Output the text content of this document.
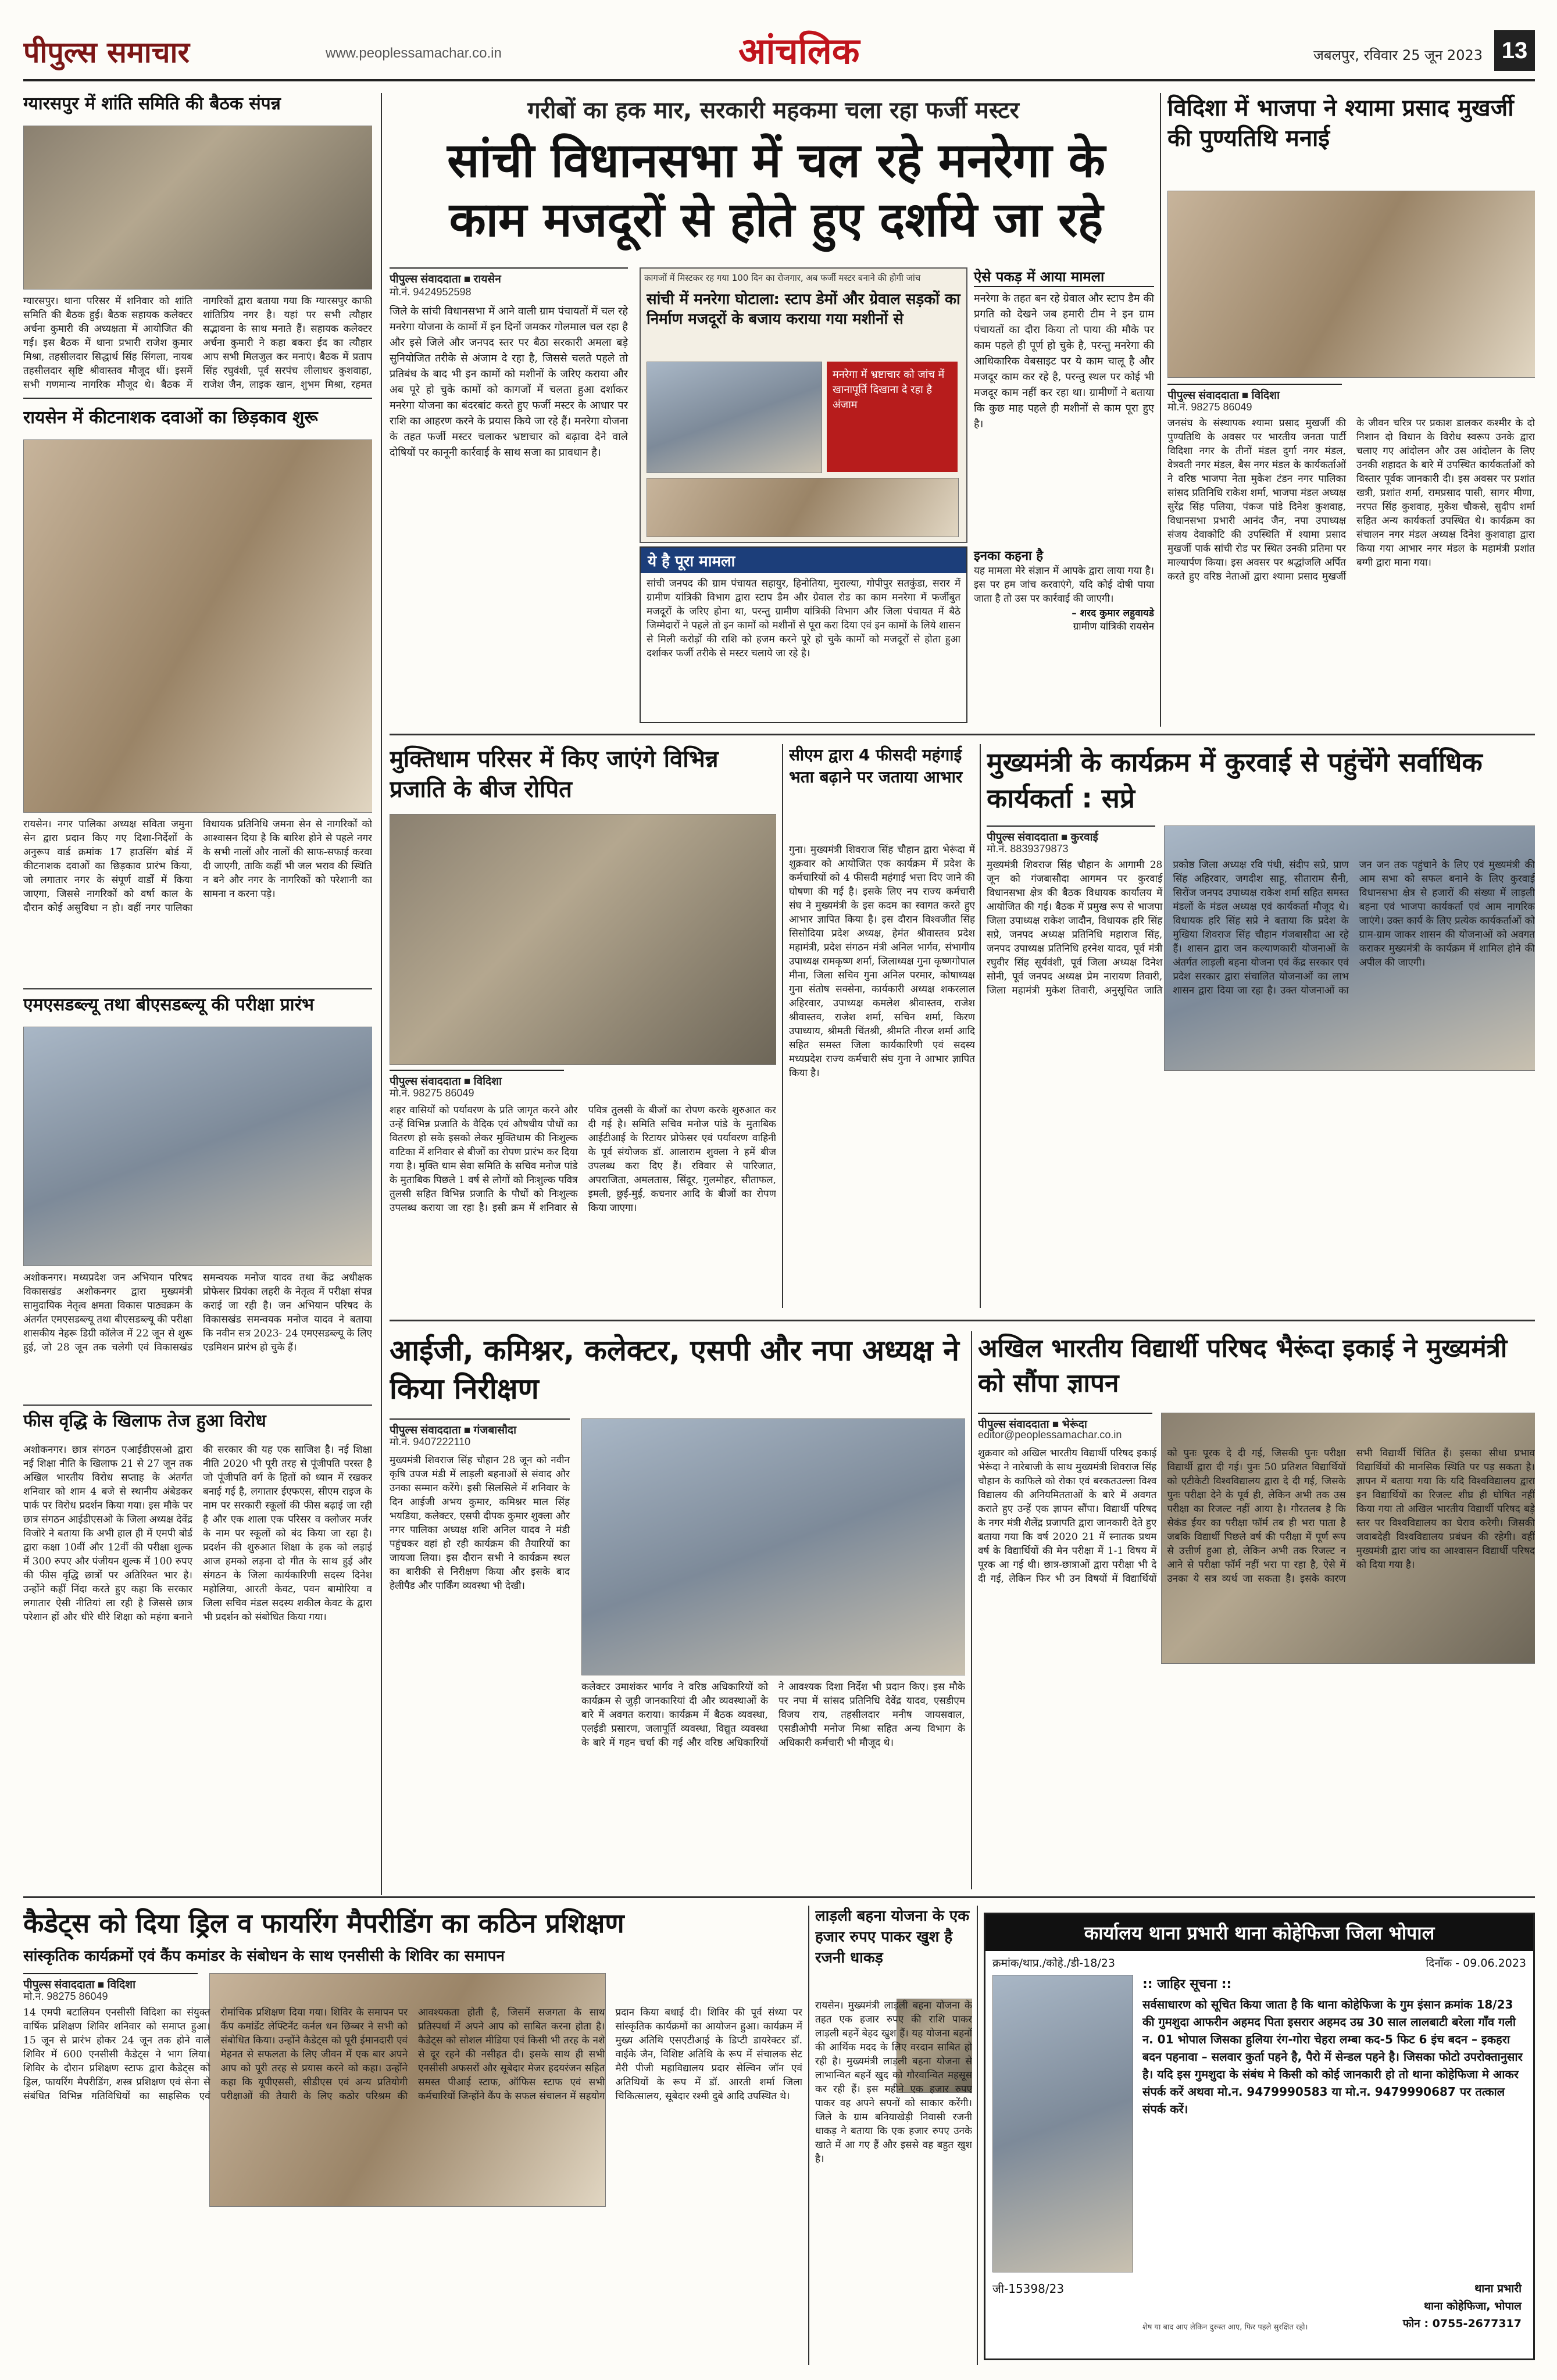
पीपुल्स समाचार	www.peoplessamachar.co.in	आंचलिक	जबलपुर, रविवार 25 जून 2023 13
ग्यारसपुर में शांति समिति की बैठक संपन्न
ग्यारसपुर। थाना परिसर में शनिवार को शांति समिति की बैठक हुई। बैठक सहायक कलेक्टर अर्चना कुमारी की अध्यक्षता में आयोजित की गई। इस बैठक में थाना प्रभारी राजेश कुमार मिश्रा, तहसीलदार सिद्धार्थ सिंह सिंगला, नायब तहसीलदार सृष्टि श्रीवास्तव मौजूद थीं। इसमें सभी गणमान्य नागरिक मौजूद थे। बैठक में नागरिकों द्वारा बताया गया कि ग्यारसपुर काफी शांतिप्रिय नगर है। यहां पर सभी त्यौहार सद्भावना के साथ मनाते हैं। सहायक कलेक्टर अर्चना कुमारी ने कहा बकरा ईद का त्यौहार आप सभी मिलजुल कर मनाएं। बैठक में प्रताप सिंह रघुवंशी, पूर्व सरपंच लीलाधर कुशवाहा, राजेश जैन, लाइक खान, शुभम मिश्रा, रहमत
रायसेन में कीटनाशक दवाओं का छिड़काव शुरू
रायसेन। नगर पालिका अध्यक्ष सविता जमुना सेन द्वारा प्रदान किए गए दिशा-निर्देशों के अनुरूप वार्ड क्रमांक 17 हाउसिंग बोर्ड में कीटनाशक दवाओं का छिड़काव प्रारंभ किया, जो लगातार नगर के संपूर्ण वार्डों में किया जाएगा, जिससे नागरिकों को वर्षा काल के दौरान कोई असुविधा न हो। वहीं नगर पालिका विधायक प्रतिनिधि जमना सेन से नागरिकों को आश्वासन दिया है कि बारिश होने से पहले नगर के सभी नालों और नालों की साफ-सफाई करवा दी जाएगी, ताकि कहीं भी जल भराव की स्थिति न बने और नगर के नागरिकों को परेशानी का सामना न करना पड़े।
एमएसडब्ल्यू तथा बीएसडब्ल्यू की परीक्षा प्रारंभ
अशोकनगर। मध्यप्रदेश जन अभियान परिषद विकासखंड अशोकनगर द्वारा मुख्यमंत्री सामुदायिक नेतृत्व क्षमता विकास पाठ्यक्रम के अंतर्गत एमएसडब्ल्यू तथा बीएसडब्ल्यू की परीक्षा शासकीय नेहरू डिग्री कॉलेज में 22 जून से शुरू हुई, जो 28 जून तक चलेगी एवं विकासखंड समन्वयक मनोज यादव तथा केंद्र अधीक्षक प्रोफेसर प्रियंका लहरी के नेतृत्व में परीक्षा संपन्न कराई जा रही है। जन अभियान परिषद के विकासखंड समन्वयक मनोज यादव ने बताया कि नवीन सत्र 2023- 24 एमएसडब्ल्यू के लिए एडमिशन प्रारंभ हो चुके हैं।
फीस वृद्धि के खिलाफ तेज हुआ विरोध
अशोकनगर। छात्र संगठन एआईडीएसओ द्वारा नई शिक्षा नीति के खिलाफ 21 से 27 जून तक अखिल भारतीय विरोध सप्ताह के अंतर्गत शनिवार को शाम 4 बजे से स्थानीय अंबेडकर पार्क पर विरोध प्रदर्शन किया गया। इस मौके पर छात्र संगठन आईडीएसओ के जिला अध्यक्ष देवेंद्र विजोरे ने बताया कि अभी हाल ही में एमपी बोर्ड द्वारा कक्षा 10वीं और 12वीं की परीक्षा शुल्क में 300 रुपए और पंजीयन शुल्क में 100 रुपए की फीस वृद्धि छात्रों पर अतिरिक्त भार है। उन्होंने कहीं निंदा करते हुए कहा कि सरकार लगातार ऐसी नीतियां ला रही है जिससे छात्र परेशान हों और धीरे धीरे शिक्षा को महंगा बनाने की सरकार की यह एक साजिश है। नई शिक्षा नीति 2020 भी पूरी तरह से पूंजीपति परस्त है जो पूंजीपति वर्ग के हितों को ध्यान में रखकर बनाई गई है, लगातार ईएफएस, सीएम राइज के नाम पर सरकारी स्कूलों की फीस बढ़ाई जा रही है और एक शाला एक परिसर व क्लोजर मर्जर के नाम पर स्कूलों को बंद किया जा रहा है। प्रदर्शन की शुरुआत शिक्षा के हक को लड़ाई आज हमको लड़ना दो गीत के साथ हुई और संगठन के जिला कार्यकारिणी सदस्य दिनेश महोलिया, आरती केवट, पवन बामोरिया व जिला सचिव मंडल सदस्य शकील केवट के द्वारा भी प्रदर्शन को संबोधित किया गया।
गरीबों का हक मार, सरकारी महकमा चला रहा फर्जी मस्टर
सांची विधानसभा में चल रहे मनरेगा के काम मजदूरों से होते हुए दर्शाये जा रहे
पीपुल्स संवाददाता ■ रायसेन
मो.नं. 9424952598
जिले के सांची विधानसभा में आने वाली ग्राम पंचायतों में चल रहे मनरेगा योजना के कामों में इन दिनों जमकर गोलमाल चल रहा है और इसे जिले और जनपद स्तर पर बैठा सरकारी अमला बड़े सुनियोजित तरीके से अंजाम दे रहा है, जिससे चलते पहले तो प्रतिबंध के बाद भी इन कामों को मशीनों के जरिए कराया और अब पूरे हो चुके कामों को कागजों में चलता हुआ दर्शाकर मनरेगा योजना का बंदरबांट करते हुए फर्जी मस्टर के आधार पर राशि का आहरण करने के प्रयास किये जा रहे हैं। मनरेगा योजना के तहत फर्जी मस्टर चलाकर भ्रष्टाचार को बढ़ावा देने वाले दोषियों पर कानूनी कार्रवाई के साथ सजा का प्रावधान है।
कागजों में मिस्टकर रह गया 100 दिन का रोजगार, अब फर्जी मस्टर बनाने की होगी जांच
सांची में मनरेगा घोटाला: स्टाप डेमों और ग्रेवाल सड़कों का निर्माण मजदूरों के बजाय कराया गया मशीनों से
मनरेगा में भ्रष्टाचार को जांच में खानापूर्ति दिखाना दे रहा है अंजाम
ऐसे पकड़ में आया मामला
मनरेगा के तहत बन रहे ग्रेवाल और स्टाप डैम की प्रगति को देखने जब हमारी टीम ने इन ग्राम पंचायतों का दौरा किया तो पाया की मौके पर काम पहले ही पूर्ण हो चुके है, परन्तु मनरेगा की आधिकारिक वेबसाइट पर ये काम चालू है और मजदूर काम कर रहे है, परन्तु स्थल पर कोई भी मजदूर काम नहीं कर रहा था। ग्रामीणों ने बताया कि कुछ माह पहले ही मशीनों से काम पूरा हुए है।
इनका कहना है
यह मामला मेरे संज्ञान में आपके द्वारा लाया गया है। इस पर हम जांच करवाएंगे, यदि कोई दोषी पाया जाता है तो उस पर कार्रवाई की जाएगी।
– शरद कुमार लहुवायडे
ग्रामीण यांत्रिकी रायसेन
ये है पूरा मामला
सांची जनपद की ग्राम पंचायत सहायुर, हिनोतिया, मुराल्या, गोपीपुर सतकुंडा, सरार में ग्रामीण यांत्रिकी विभाग द्वारा स्टाप डैम और ग्रेवाल रोड का काम मनरेगा में फर्जीबुत मजदूरों के जरिए होना था, परन्तु ग्रामीण यांत्रिकी विभाग और जिला पंचायत में बैठे जिम्मेदारों ने पहले तो इन कामों को मशीनों से पूरा करा दिया एवं इन कामों के लिये शासन से मिली करोड़ों की राशि को हजम करने पूरे हो चुके कामों को मजदूरों से होता हुआ दर्शाकर फर्जी तरीके से मस्टर चलाये जा रहे है।
विदिशा में भाजपा ने श्यामा प्रसाद मुखर्जी की पुण्यतिथि मनाई
पीपुल्स संवाददाता ■ विदिशा
मो.नं. 98275 86049
जनसंघ के संस्थापक श्यामा प्रसाद मुखर्जी की पुण्यतिथि के अवसर पर भारतीय जनता पार्टी विदिशा नगर के तीनों मंडल दुर्गा नगर मंडल, वेत्रवती नगर मंडल, बैस नगर मंडल के कार्यकर्ताओं ने वरिष्ठ भाजपा नेता मुकेश टंडन नगर पालिका सांसद प्रतिनिधि राकेश शर्मा, भाजपा मंडल अध्यक्ष सुरेंद्र सिंह पलिया, पंकज पांडे दिनेश कुशवाह, विधानसभा प्रभारी आनंद जैन, नपा उपाध्यक्ष संजय देवाकोटि की उपस्थिति में श्यामा प्रसाद मुखर्जी पार्क सांची रोड पर स्थित उनकी प्रतिमा पर माल्यार्पण किया। इस अवसर पर श्रद्धांजलि अर्पित करते हुए वरिष्ठ नेताओं द्वारा श्यामा प्रसाद मुखर्जी के जीवन चरित्र पर प्रकाश डालकर कश्मीर के दो निशान दो विधान के विरोध स्वरूप उनके द्वारा चलाए गए आंदोलन और उस आंदोलन के लिए उनकी शहादत के बारे में उपस्थित कार्यकर्ताओं को विस्तार पूर्वक जानकारी दी। इस अवसर पर प्रशांत खत्री, प्रशांत शर्मा, रामप्रसाद पासी, सागर मीणा, नरपत सिंह कुशवाह, मुकेश चौकसे, सुदीप शर्मा सहित अन्य कार्यकर्ता उपस्थित थे। कार्यक्रम का संचालन नगर मंडल अध्यक्ष दिनेश कुशवाहा द्वारा किया गया आभार नगर मंडल के महामंत्री प्रशांत बग्गी द्वारा माना गया।
मुक्तिधाम परिसर में किए जाएंगे विभिन्न प्रजाति के बीज रोपित
पीपुल्स संवाददाता ■ विदिशा
मो.नं. 98275 86049
शहर वासियों को पर्यावरण के प्रति जागृत करने और उन्हें विभिन्न प्रजाति के वैदिक एवं औषधीय पौधों का वितरण हो सके इसको लेकर मुक्तिधाम की निःशुल्क वाटिका में शनिवार से बीजों का रोपण प्रारंभ कर दिया गया है। मुक्ति धाम सेवा समिति के सचिव मनोज पांडे के मुताबिक पिछले 1 वर्ष से लोगों को निःशुल्क पवित्र तुलसी सहित विभिन्न प्रजाति के पौधों को निःशुल्क उपलब्ध कराया जा रहा है। इसी क्रम में शनिवार से पवित्र तुलसी के बीजों का रोपण करके शुरुआत कर दी गई है। समिति सचिव मनोज पांडे के मुताबिक आईटीआई के रिटायर प्रोफेसर एवं पर्यावरण वाहिनी के पूर्व संयोजक डॉ. आलाराम शुक्ला ने हमें बीज उपलब्ध करा दिए हैं। रविवार से पारिजात, अपराजिता, अमलतास, सिंदूर, गुलमोहर, सीताफल, इमली, छुई-मुई, कचनार आदि के बीजों का रोपण किया जाएगा।
सीएम द्वारा 4 फीसदी महंगाई भता बढ़ाने पर जताया आभार
गुना। मुख्यमंत्री शिवराज सिंह चौहान द्वारा भेरूंदा में शुक्रवार को आयोजित एक कार्यक्रम में प्रदेश के कर्मचारियों को 4 फीसदी महंगाई भत्ता दिए जाने की घोषणा की गई है। इसके लिए नप राज्य कर्मचारी संघ ने मुख्यमंत्री के इस कदम का स्वागत करते हुए आभार ज्ञापित किया है। इस दौरान विश्वजीत सिंह सिसोदिया प्रदेश अध्यक्ष, हेमंत श्रीवास्तव प्रदेश महामंत्री, प्रदेश संगठन मंत्री अनिल भार्गव, संभागीय उपाध्यक्ष रामकृष्ण शर्मा, जिलाध्यक्ष गुना कृष्णगोपाल मीना, जिला सचिव गुना अनिल परमार, कोषाध्यक्ष गुना संतोष सक्सेना, कार्यकारी अध्यक्ष शकरलाल अहिरवार, उपाध्यक्ष कमलेश श्रीवास्तव, राजेश श्रीवास्तव, राजेश शर्मा, सचिन शर्मा, किरण उपाध्याय, श्रीमती चिंतश्री, श्रीमति नीरज शर्मा आदि सहित समस्त जिला कार्यकारिणी एवं सदस्य मध्यप्रदेश राज्य कर्मचारी संघ गुना ने आभार ज्ञापित किया है।
मुख्यमंत्री के कार्यक्रम में कुरवाई से पहुंचेंगे सर्वाधिक कार्यकर्ता : सप्रे
पीपुल्स संवाददाता ■ कुरवाई
मो.नं. 8839379873
मुख्यमंत्री शिवराज सिंह चौहान के आगामी 28 जून को गंजबासौदा आगमन पर कुरवाई विधानसभा क्षेत्र की बैठक विधायक कार्यालय में आयोजित की गई। बैठक में प्रमुख रूप से भाजपा जिला उपाध्यक्ष राकेश जादौन, विधायक हरि सिंह सप्रे, जनपद अध्यक्ष प्रतिनिधि महाराज सिंह, जनपद उपाध्यक्ष प्रतिनिधि हरनेश यादव, पूर्व मंत्री रघुवीर सिंह सूर्यवंशी, पूर्व जिला अध्यक्ष दिनेश सोनी, पूर्व जनपद अध्यक्ष प्रेम नारायण तिवारी, जिला महामंत्री मुकेश तिवारी, अनुसूचित जाति प्रकोष्ठ जिला अध्यक्ष रवि पंथी, संदीप सप्रे, प्राण सिंह अहिरवार, जगदीश साहू, सीताराम सैनी, सिरोंज जनपद उपाध्यक्ष राकेश शर्मा सहित समस्त मंडलों के मंडल अध्यक्ष एवं कार्यकर्ता मौजूद थे। विधायक हरि सिंह सप्रे ने बताया कि प्रदेश के मुखिया शिवराज सिंह चौहान गंजबासौदा आ रहे हैं। शासन द्वारा जन कल्याणकारी योजनाओं के अंतर्गत लाड़ली बहना योजना एवं केंद्र सरकार एवं प्रदेश सरकार द्वारा संचालित योजनाओं का लाभ शासन द्वारा दिया जा रहा है। उक्त योजनाओं का जन जन तक पहुंचाने के लिए एवं मुख्यमंत्री की आम सभा को सफल बनाने के लिए कुरवाई विधानसभा क्षेत्र से हजारों की संख्या में लाड़ली बहना एवं भाजपा कार्यकर्ता एवं आम नागरिक जाएंगे। उक्त कार्य के लिए प्रत्येक कार्यकर्ताओं को ग्राम-ग्राम जाकर शासन की योजनाओं को अवगत कराकर मुख्यमंत्री के कार्यक्रम में शामिल होने की अपील की जाएगी।
आईजी, कमिश्नर, कलेक्टर, एसपी और नपा अध्यक्ष ने किया निरीक्षण
पीपुल्स संवाददाता ■ गंजबासौदा
मो.नं. 9407222110
मुख्यमंत्री शिवराज सिंह चौहान 28 जून को नवीन कृषि उपज मंडी में लाड़ली बहनाओं से संवाद और उनका सम्मान करेंगे। इसी सिलसिले में शनिवार के दिन आईजी अभय कुमार, कमिश्नर माल सिंह भयडिया, कलेक्टर, एसपी दीपक कुमार शुक्ला और नगर पालिका अध्यक्ष शशि अनिल यादव ने मंडी पहुंचकर वहां हो रही कार्यक्रम की तैयारियों का जायजा लिया। इस दौरान सभी ने कार्यक्रम स्थल का बारीकी से निरीक्षण किया और इसके बाद हेलीपैड और पार्किंग व्यवस्था भी देखी।
कलेक्टर उमाशंकर भार्गव ने वरिष्ठ अधिकारियों को कार्यक्रम से जुड़ी जानकारियां दी और व्यवस्थाओं के बारे में अवगत कराया। कार्यक्रम में बैठक व्यवस्था, एलईडी प्रसारण, जलापूर्ति व्यवस्था, विद्युत व्यवस्था के बारे में गहन चर्चा की गई और वरिष्ठ अधिकारियों ने आवश्यक दिशा निर्देश भी प्रदान किए। इस मौके पर नपा में सांसद प्रतिनिधि देवेंद्र यादव, एसडीएम विजय राय, तहसीलदार मनीष जायसवाल, एसडीओपी मनोज मिश्रा सहित अन्य विभाग के अधिकारी कर्मचारी भी मौजूद थे।
अखिल भारतीय विद्यार्थी परिषद भैरूंदा इकाई ने मुख्यमंत्री को सौंपा ज्ञापन
पीपुल्स संवाददाता ■ भेरूंदा
editor@peoplessamachar.co.in
शुक्रवार को अखिल भारतीय विद्यार्थी परिषद इकाई भेरूंदा ने नारेबाजी के साथ मुख्यमंत्री शिवराज सिंह चौहान के काफिले को रोका एवं बरकतउल्ला विश्व विद्यालय की अनियमितताओं के बारे में अवगत कराते हुए उन्हें एक ज्ञापन सौंपा। विद्यार्थी परिषद के नगर मंत्री शैलेंद्र प्रजापति द्वारा जानकारी देते हुए बताया गया कि वर्ष 2020 21 में स्नातक प्रथम वर्ष के विद्यार्थियों की मेन परीक्षा में 1-1 विषय में पूरक आ गई थी। छात्र-छात्राओं द्वारा परीक्षा भी दे दी गई, लेकिन फिर भी उन विषयों में विद्यार्थियों को पुनः पूरक दे दी गई, जिसकी पुनः परीक्षा विद्यार्थी द्वारा दी गई। पुनः 50 प्रतिशत विद्यार्थियों को एटीकेटी विश्वविद्यालय द्वारा दे दी गई, जिसके पुनः परीक्षा देने के पूर्व ही, लेकिन अभी तक उस परीक्षा का रिजल्ट नहीं आया है। गौरतलब है कि सेकंड ईयर का परीक्षा फॉर्म तब ही भरा पाता है जबकि विद्यार्थी पिछले वर्ष की परीक्षा में पूर्ण रूप से उत्तीर्ण हुआ हो, लेकिन अभी तक रिजल्ट न आने से परीक्षा फॉर्म नहीं भरा पा रहा है, ऐसे में उनका ये सत्र व्यर्थ जा सकता है। इसके कारण सभी विद्यार्थी चिंतित हैं। इसका सीधा प्रभाव विद्यार्थियों की मानसिक स्थिति पर पड़ सकता है। ज्ञापन में बताया गया कि यदि विश्वविद्यालय द्वारा इन विद्यार्थियों का रिजल्ट शीघ्र ही घोषित नहीं किया गया तो अखिल भारतीय विद्यार्थी परिषद बड़े स्तर पर विश्वविद्यालय का घेराव करेगी। जिसकी जवाबदेही विश्वविद्यालय प्रबंधन की रहेगी। वहीं मुख्यमंत्री द्वारा जांच का आश्वासन विद्यार्थी परिषद को दिया गया है।
कैडेट्स को दिया ड्रिल व फायरिंग मैपरीडिंग का कठिन प्रशिक्षण
सांस्कृतिक कार्यक्रमों एवं कैंप कमांडर के संबोधन के साथ एनसीसी के शिविर का समापन
पीपुल्स संवाददाता ■ विदिशा
मो.नं. 98275 86049
14 एमपी बटालियन एनसीसी विदिशा का संयुक्त वार्षिक प्रशिक्षण शिविर शनिवार को समाप्त हुआ। 15 जून से प्रारंभ होकर 24 जून तक होने वाले शिविर में 600 एनसीसी कैडेट्स ने भाग लिया। शिविर के दौरान प्रशिक्षण स्टाफ द्वारा कैडेट्स को ड्रिल, फायरिंग मैपरीडिंग, शस्त्र प्रशिक्षण एवं सेना से संबंधित विभिन्न गतिविधियों का साहसिक एवं रोमांचिक प्रशिक्षण दिया गया। शिविर के समापन पर कैंप कमांडेंट लेफ्टिनेंट कर्नल धन छिब्बर ने सभी को संबोधित किया। उन्होंने कैडेट्स को पूरी ईमानदारी एवं मेहनत से सफलता के लिए जीवन में एक बार अपने आप को पूरी तरह से प्रयास करने को कहा। उन्होंने कहा कि यूपीएससी, सीडीएस एवं अन्य प्रतियोगी परीक्षाओं की तैयारी के लिए कठोर परिश्रम की आवश्यकता होती है, जिसमें सजगता के साथ प्रतिस्पर्धा में अपने आप को साबित करना होता है। कैडेट्स को सोशल मीडिया एवं किसी भी तरह के नशे से दूर रहने की नसीहत दी। इसके साथ ही सभी एनसीसी अफसरों और सूबेदार मेजर हदयरंजन सहित समस्त पीआई स्टाफ, ऑफिस स्टाफ एवं सभी कर्मचारियों जिन्होंने कैंप के सफल संचालन में सहयोग प्रदान किया बधाई दी। शिविर की पूर्व संध्या पर सांस्कृतिक कार्यक्रमों का आयोजन हुआ। कार्यक्रम में मुख्य अतिथि एसएटीआई के डिप्टी डायरेक्टर डॉ. वाईके जैन, विशिष्ट अतिथि के रूप में संचालक सेट मैरी पीजी महाविद्यालय प्रदार सेल्विन जॉन एवं अतिथियों के रूप में डॉ. आरती शर्मा जिला चिकित्सालय, सूबेदार रश्मी दुबे आदि उपस्थित थे।
लाड़ली बहना योजना के एक हजार रुपए पाकर खुश है रजनी धाकड़
रायसेन। मुख्यमंत्री लाड़ली बहना योजना के तहत एक हजार रुपए की राशि पाकर लाड़ली बहनें बेहद खुश हैं। यह योजना बहनों की आर्थिक मदद के लिए वरदान साबित हो रही है। मुख्यमंत्री लाड़ली बहना योजना से लाभान्वित बहनें खुद को गौरवान्वित महसूस कर रही हैं। इस महीने एक हजार रुपए पाकर वह अपने सपनों को साकार करेंगी। जिले के ग्राम बनियाखेड़ी निवासी रजनी धाकड़ ने बताया कि एक हजार रुपए उनके खाते में आ गए हैं और इससे वह बहुत खुश है।
कार्यालय थाना प्रभारी थाना कोहेफिजा जिला भोपाल
क्रमांक/थाप्र./कोहे./डी-18/23	दिनाँक - 09.06.2023
:: जाहिर सूचना ::
सर्वसाधारण को सूचित किया जाता है कि थाना कोहेफिजा के गुम इंसान क्रमांक 18/23 की गुमशुदा आफरीन अहमद पिता इसरार अहमद उम्र 30 साल लालबाटी बरेला गाँव गली न. 01 भोपाल जिसका हुलिया रंग-गोरा चेहरा लम्बा कद-5 फिट 6 इंच बदन – इकहरा बदन पहनावा – सलवार कुर्ता पहने है, पैरो में सेन्डल पहने है। जिसका फोटो उपरोक्तानुसार है। यदि इस गुमशुदा के संबंध मे किसी को कोई जानकारी हो तो थाना कोहेफिजा मे आकर संपर्क करें अथवा मो.न. 9479990583 या मो.न. 9479990687 पर तत्काल संपर्क करें।
जी-15398/23
शेष या बाद आए लेकिन दुरुस्त आए, फिर पहले सुरक्षित रहो।
थाना प्रभारी
थाना कोहेफिजा, भोपाल
फोन : 0755-2677317
